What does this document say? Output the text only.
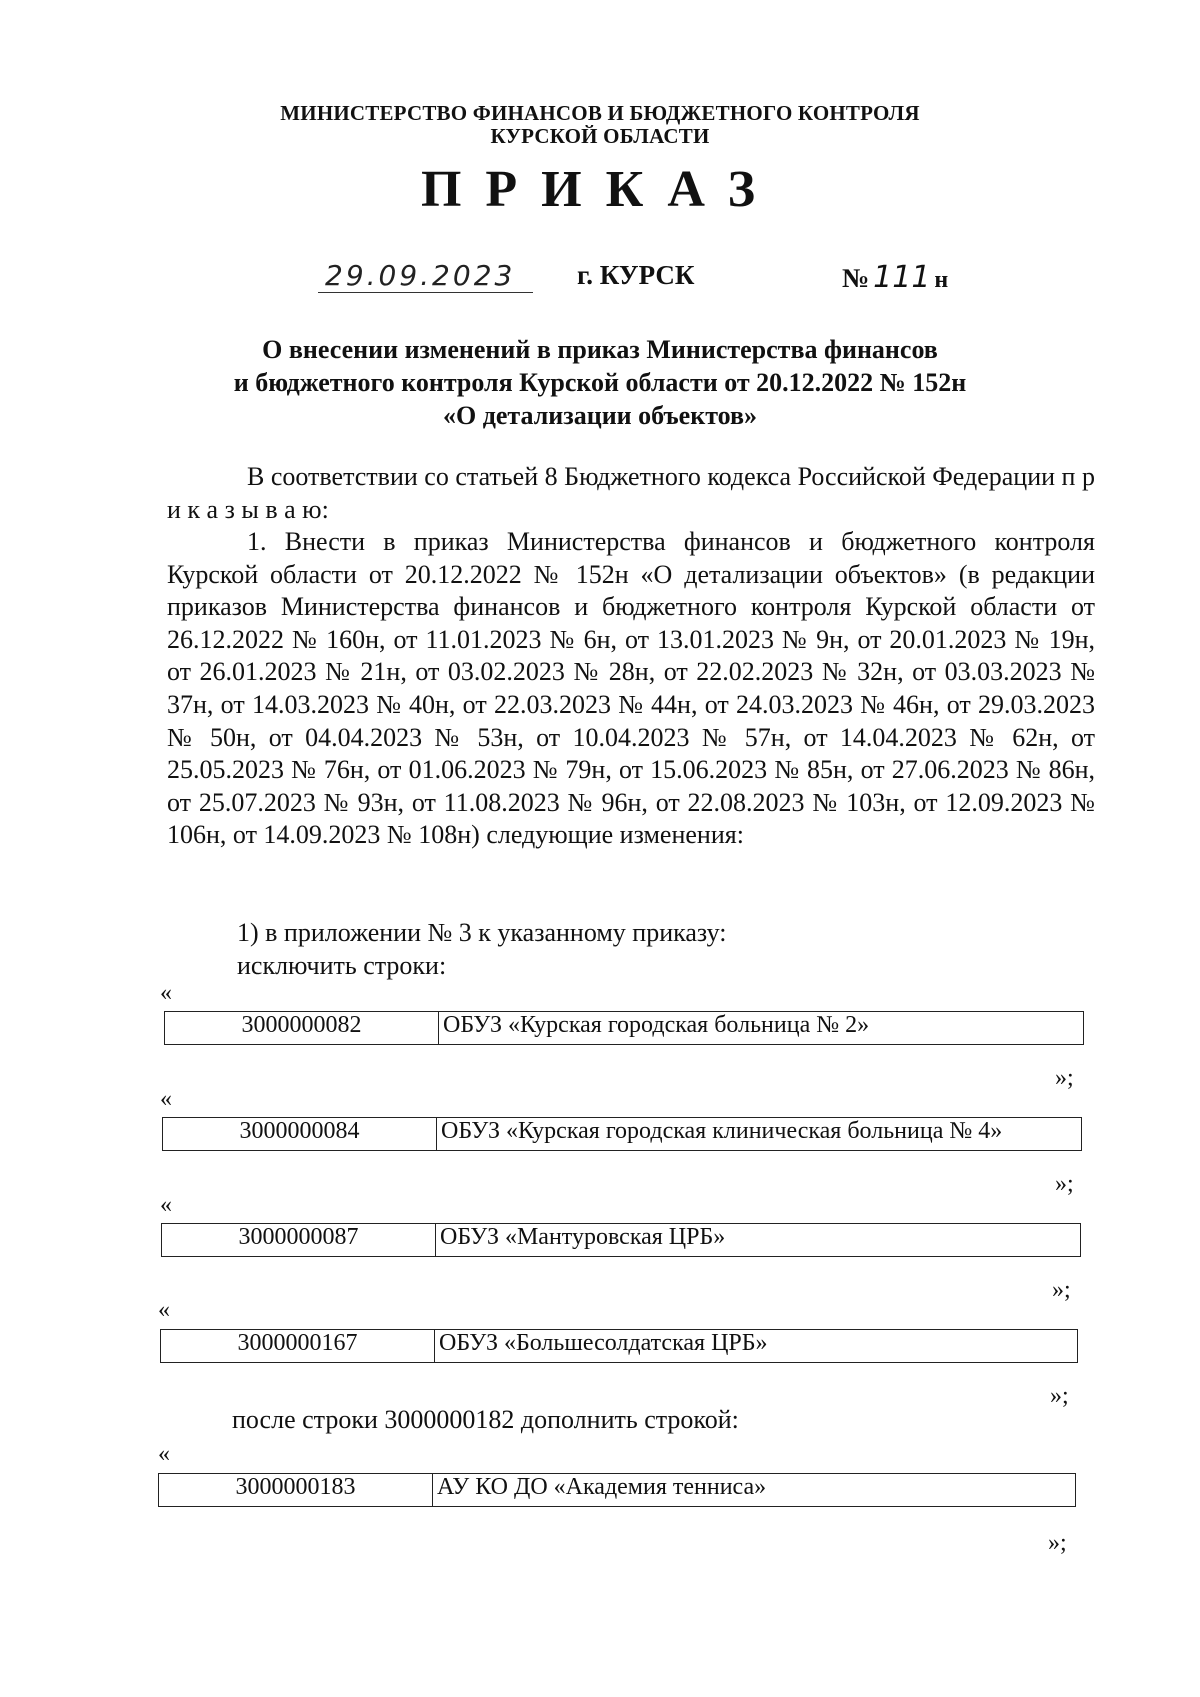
МИНИСТЕРСТВО ФИНАНСОВ И БЮДЖЕТНОГО КОНТРОЛЯ
КУРСКОЙ ОБЛАСТИ
ПРИКАЗ
29.09.2023 г. КУРСК	№ 111 н
О внесении изменений в приказ Министерства финансов
и бюджетного контроля Курской области от 20.12.2022 № 152н
«О детализации объектов»
В соответствии со статьей 8 Бюджетного кодекса Российской Федерации п р и к а з ы в а ю:
1. Внести в приказ Министерства финансов и бюджетного контроля Курской области от 20.12.2022 № 152н «О детализации объектов» (в редакции приказов Министерства финансов и бюджетного контроля Курской области от 26.12.2022 № 160н, от 11.01.2023 № 6н, от 13.01.2023 № 9н, от 20.01.2023 № 19н, от 26.01.2023 № 21н, от 03.02.2023 № 28н, от 22.02.2023 № 32н, от 03.03.2023 № 37н, от 14.03.2023 № 40н, от 22.03.2023 № 44н, от 24.03.2023 № 46н, от 29.03.2023 № 50н, от 04.04.2023 № 53н, от 10.04.2023 № 57н, от 14.04.2023 № 62н, от 25.05.2023 № 76н, от 01.06.2023 № 79н, от 15.06.2023 № 85н, от 27.06.2023 № 86н, от 25.07.2023 № 93н, от 11.08.2023 № 96н, от 22.08.2023 № 103н, от 12.09.2023 № 106н, от 14.09.2023 № 108н) следующие изменения:
1) в приложении № 3 к указанному приказу:
исключить строки:
«
3000000082	ОБУЗ «Курская городская больница № 2»
»;
«
3000000084	ОБУЗ «Курская городская клиническая больница № 4»
»;
«
3000000087	ОБУЗ «Мантуровская ЦРБ»
»;
«
3000000167	ОБУЗ «Большесолдатская ЦРБ»
»;
после строки 3000000182 дополнить строкой:
«
3000000183	АУ КО ДО «Академия тенниса»
»;
